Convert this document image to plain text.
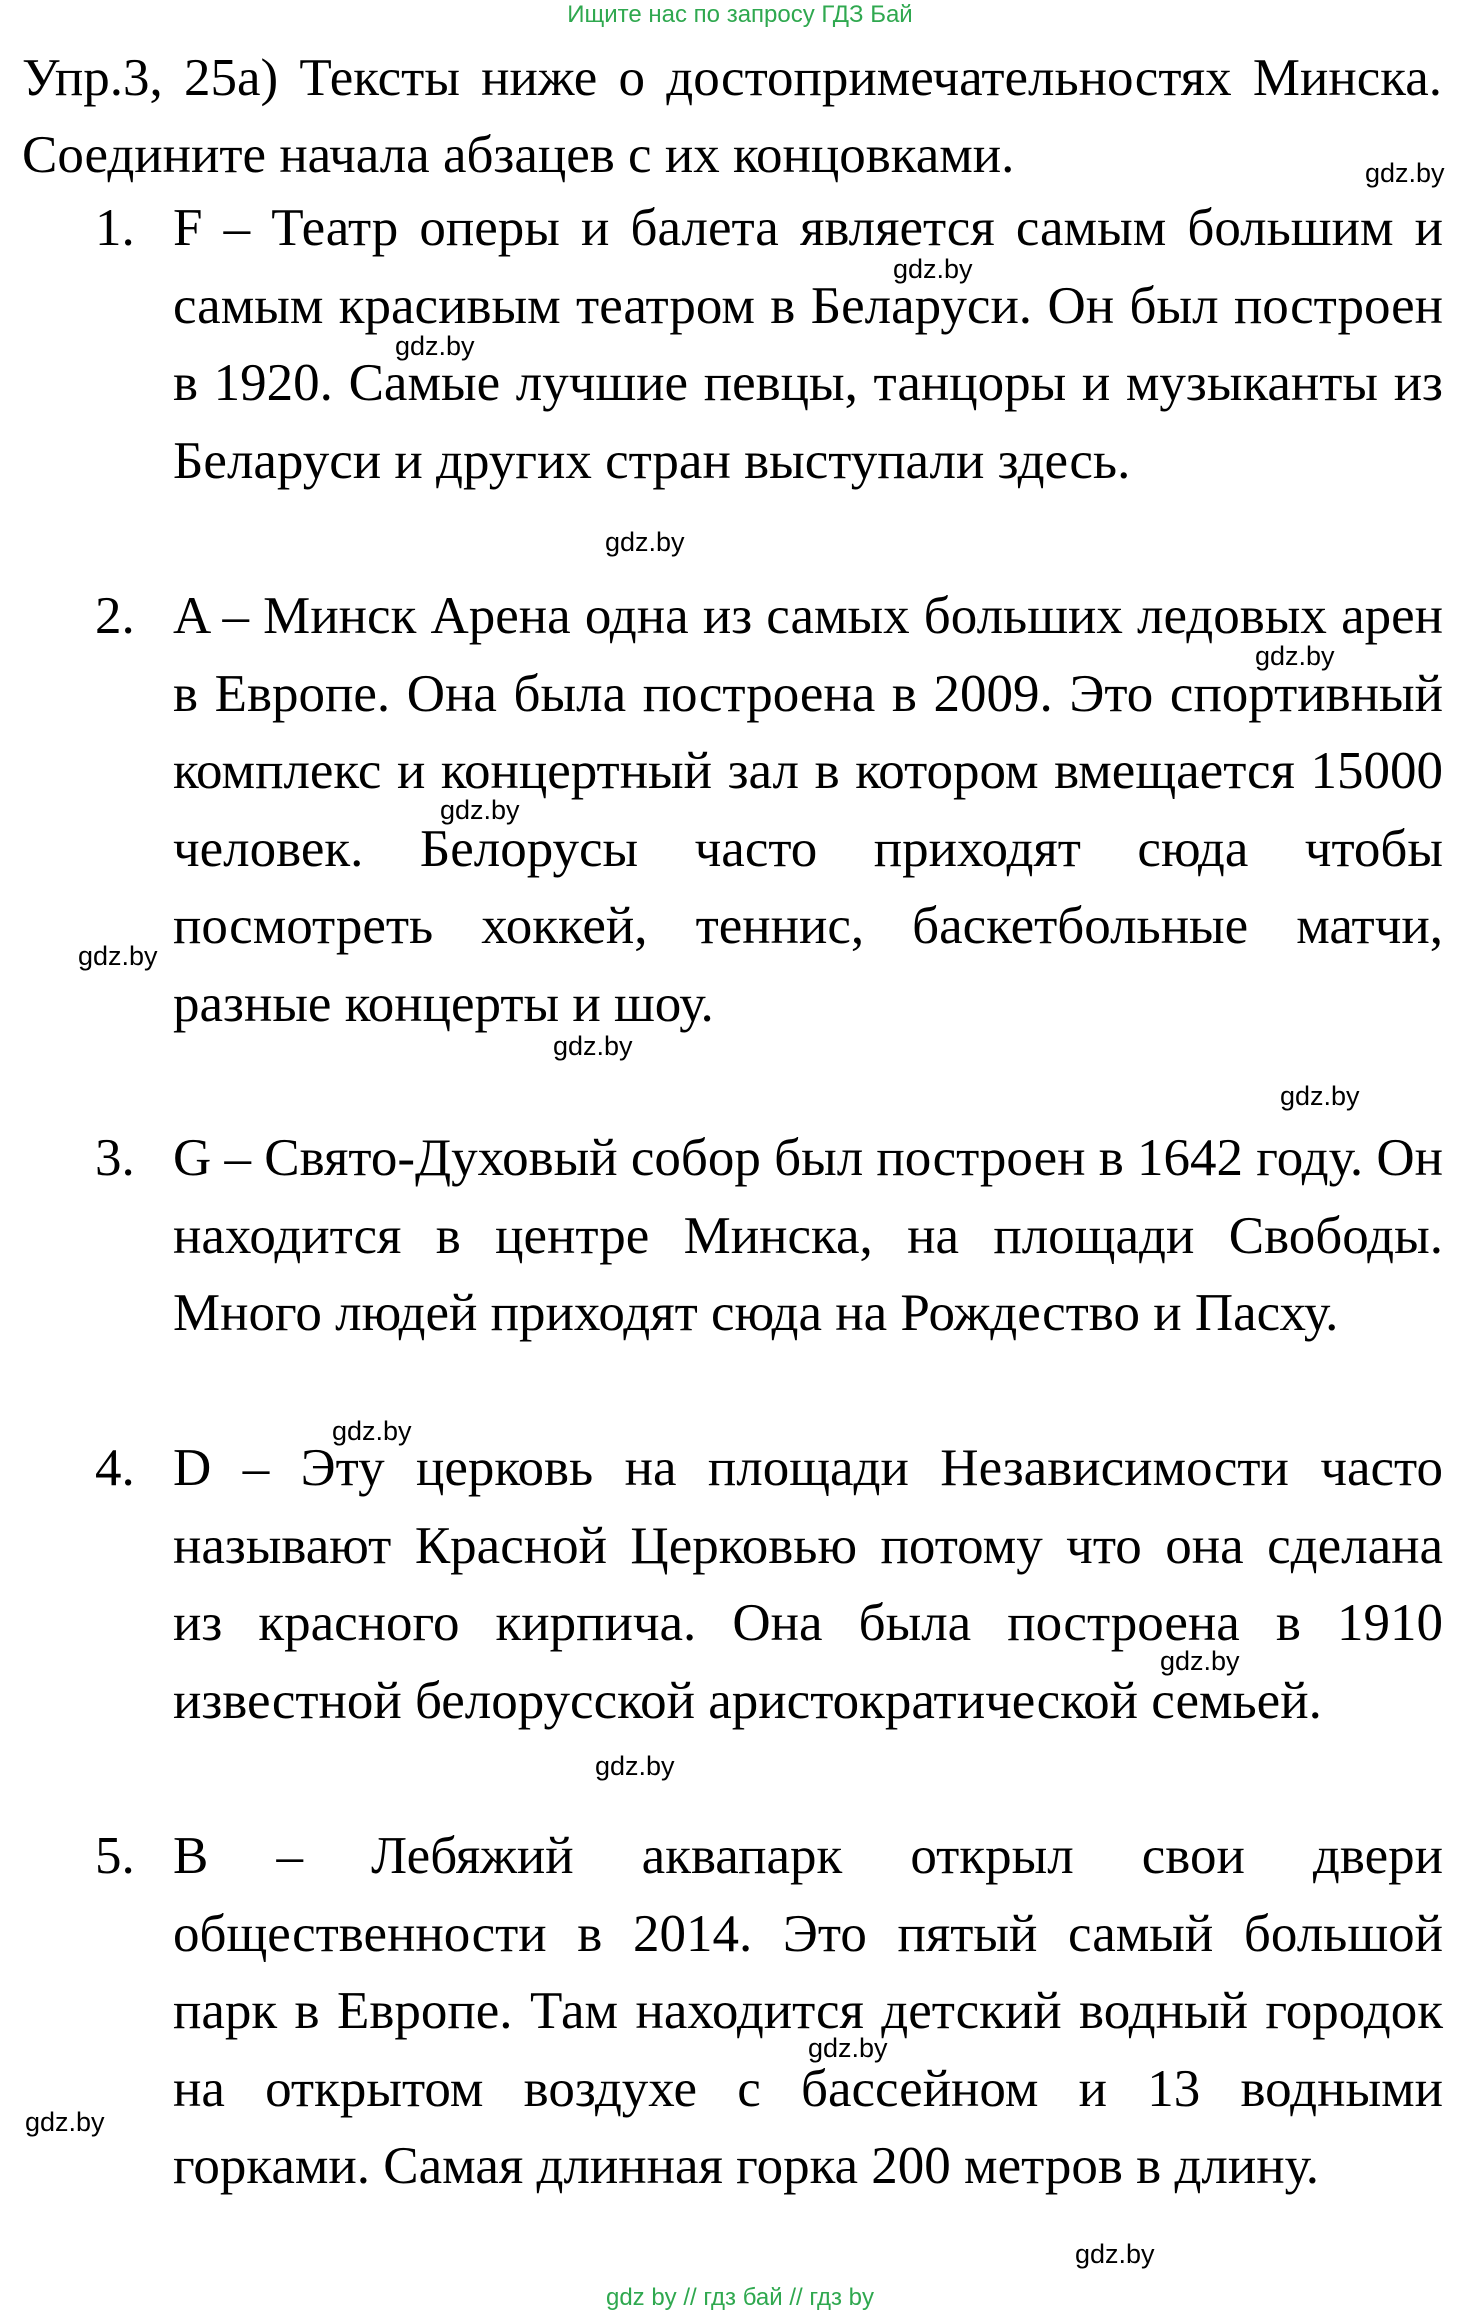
Ищите нас по запросу ГДЗ Бай
Упр.3, 25а) Тексты ниже о достопримечательностях Минска. Соедините начала абзацев с их концовками.
1. F – Театр оперы и балета является самым большим и самым красивым театром в Беларуси. Он был построен в 1920. Самые лучшие певцы, танцоры и музыканты из Беларуси и других стран выступали здесь.
2. A – Минск Арена одна из самых больших ледовых арен в Европе. Она была построена в 2009. Это спортивный комплекс и концертный зал в котором вмещается 15000 человек. Белорусы часто приходят сюда чтобы посмотреть хоккей, теннис, баскетбольные матчи, разные концерты и шоу.
3. G – Свято-Духовый собор был построен в 1642 году. Он находится в центре Минска, на площади Свободы. Много людей приходят сюда на Рождество и Пасху.
4. D – Эту церковь на площади Независимости часто называют Красной Церковью потому что она сделана из красного кирпича. Она была построена в 1910 известной белорусской аристократической семьей.
5. B – Лебяжий аквапарк открыл свои двери общественности в 2014. Это пятый самый большой парк в Европе. Там находится детский водный городок на открытом воздухе с бассейном и 13 водными горками. Самая длинная горка 200 метров в длину.
gdz.by
gdz.by
gdz.by
gdz.by
gdz.by
gdz.by
gdz.by
gdz.by
gdz.by
gdz.by
gdz.by
gdz.by
gdz.by
gdz.by
gdz.by
gdz by // гдз бай // гдз by
